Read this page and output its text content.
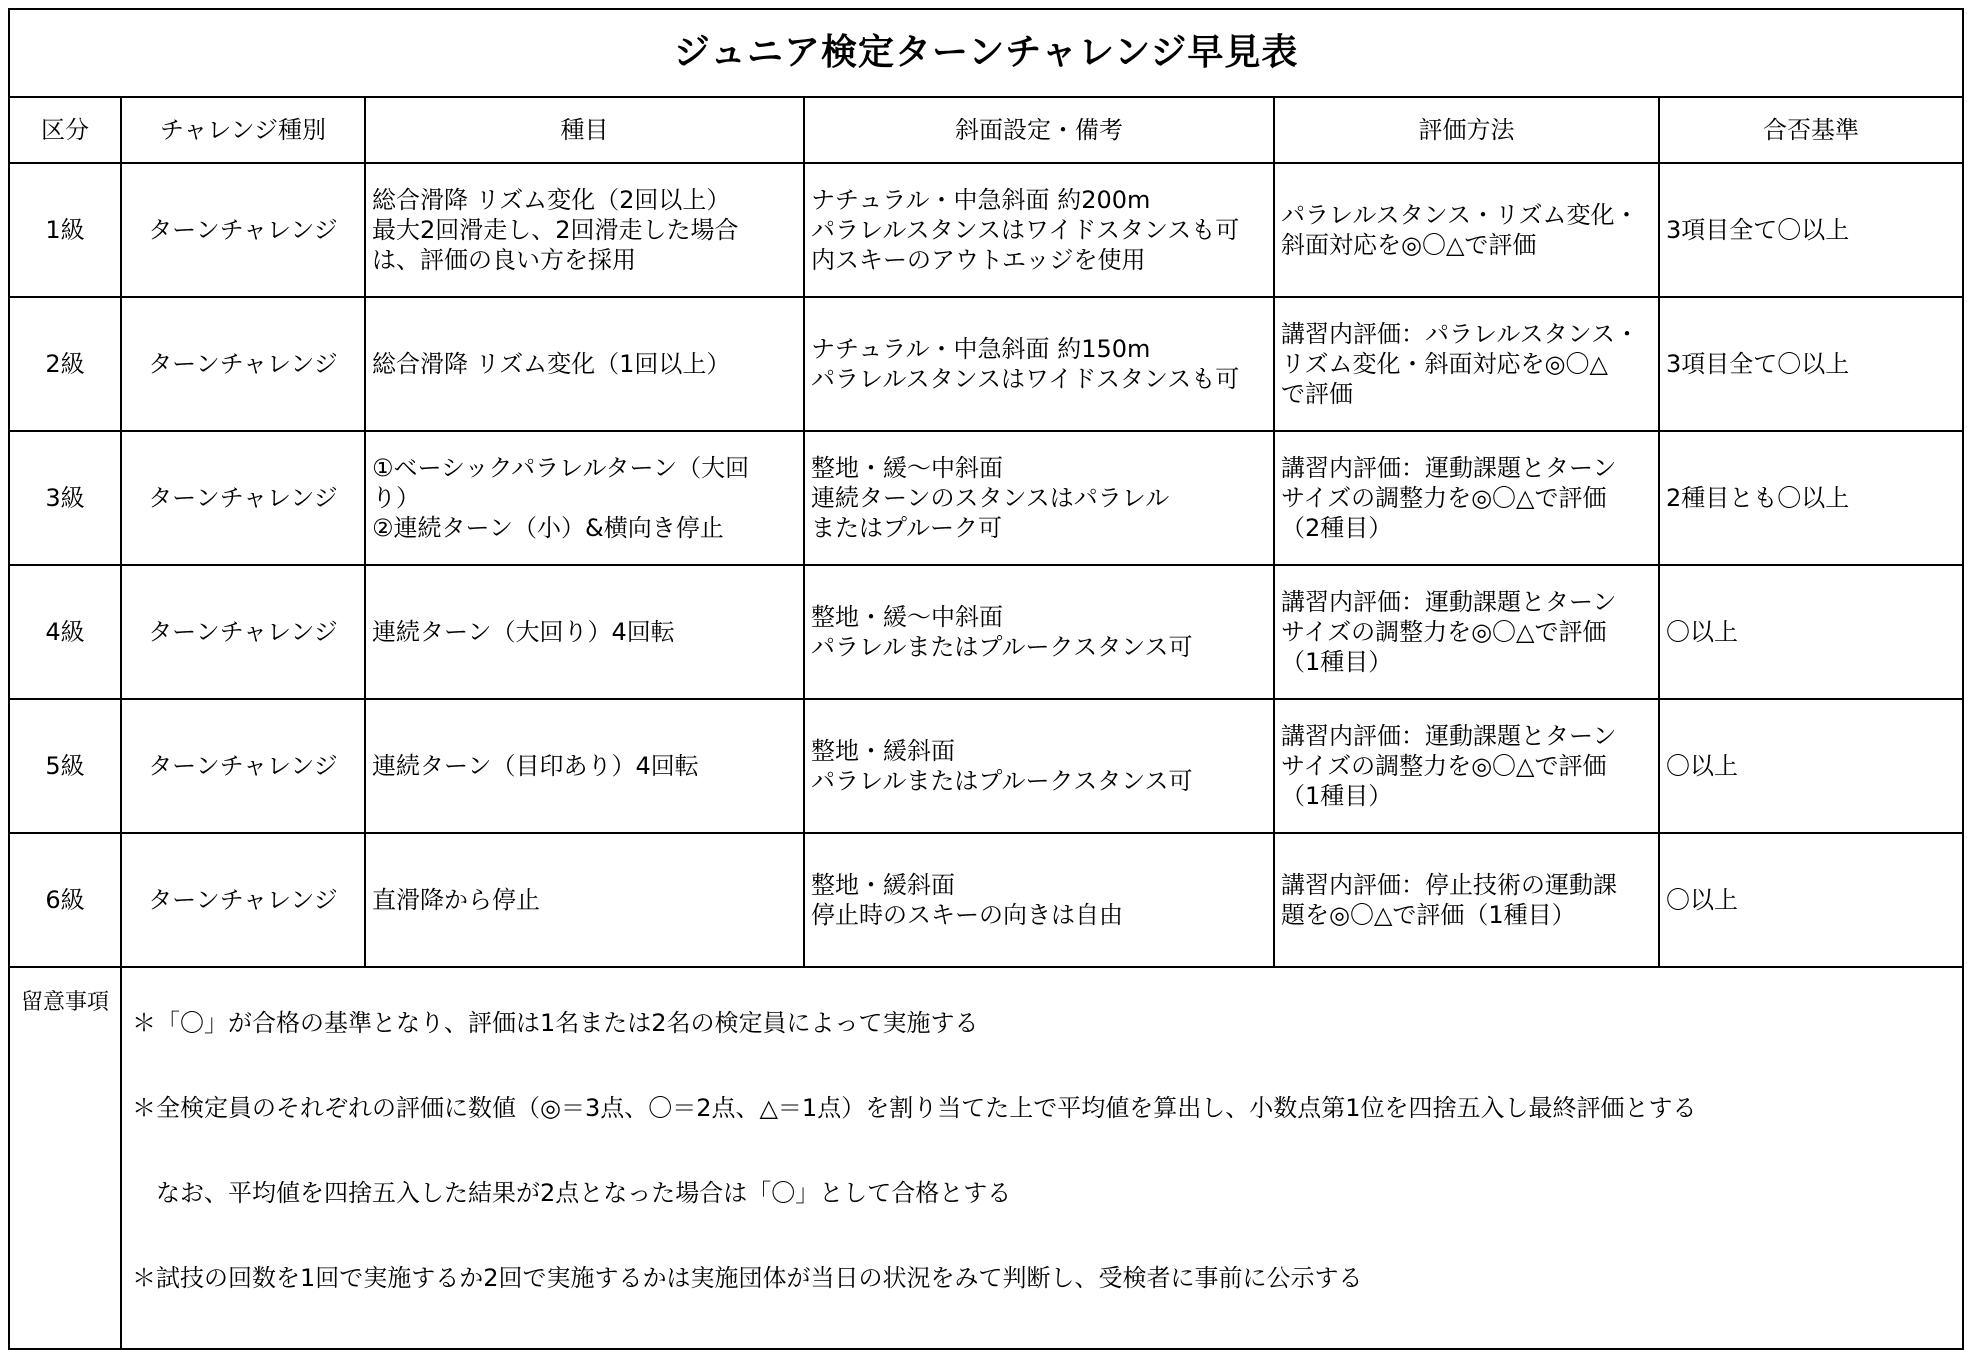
ジュニア検定ターンチャレンジ早見表					
区分	チャレンジ種別	種目	斜面設定・備考	評価方法	合否基準
1級	ターンチャレンジ	総合滑降 リズム変化（2回以上）
最大2回滑走し、2回滑走した場合
は、評価の良い方を採用	ナチュラル・中急斜面 約200m
パラレルスタンスはワイドスタンスも可
内スキーのアウトエッジを使用	パラレルスタンス・リズム変化・
斜面対応を◎〇△で評価	3項目全て〇以上
2級	ターンチャレンジ	総合滑降 リズム変化（1回以上）	ナチュラル・中急斜面 約150m
パラレルスタンスはワイドスタンスも可	講習内評価：パラレルスタンス・
リズム変化・斜面対応を◎〇△
で評価	3項目全て〇以上
3級	ターンチャレンジ	①ベーシックパラレルターン（大回り）
②連続ターン（小）&横向き停止	整地・緩～中斜面
連続ターンのスタンスはパラレル
またはプルーク可	講習内評価：運動課題とターン
サイズの調整力を◎〇△で評価
（2種目）	2種目とも〇以上
4級	ターンチャレンジ	連続ターン（大回り）4回転	整地・緩～中斜面
パラレルまたはプルークスタンス可	講習内評価：運動課題とターン
サイズの調整力を◎〇△で評価
（1種目）	〇以上
5級	ターンチャレンジ	連続ターン（目印あり）4回転	整地・緩斜面
パラレルまたはプルークスタンス可	講習内評価：運動課題とターン
サイズの調整力を◎〇△で評価
（1種目）	〇以上
6級	ターンチャレンジ	直滑降から停止	整地・緩斜面
停止時のスキーの向きは自由	講習内評価：停止技術の運動課
題を◎〇△で評価（1種目）	〇以上
留意事項	＊「〇」が合格の基準となり、評価は1名または2名の検定員によって実施する

＊全検定員のそれぞれの評価に数値（◎＝3点、〇＝2点、△＝1点）を割り当てた上で平均値を算出し、小数点第1位を四捨五入し最終評価とする

　なお、平均値を四捨五入した結果が2点となった場合は「〇」として合格とする

＊試技の回数を1回で実施するか2回で実施するかは実施団体が当日の状況をみて判断し、受検者に事前に公示する				
